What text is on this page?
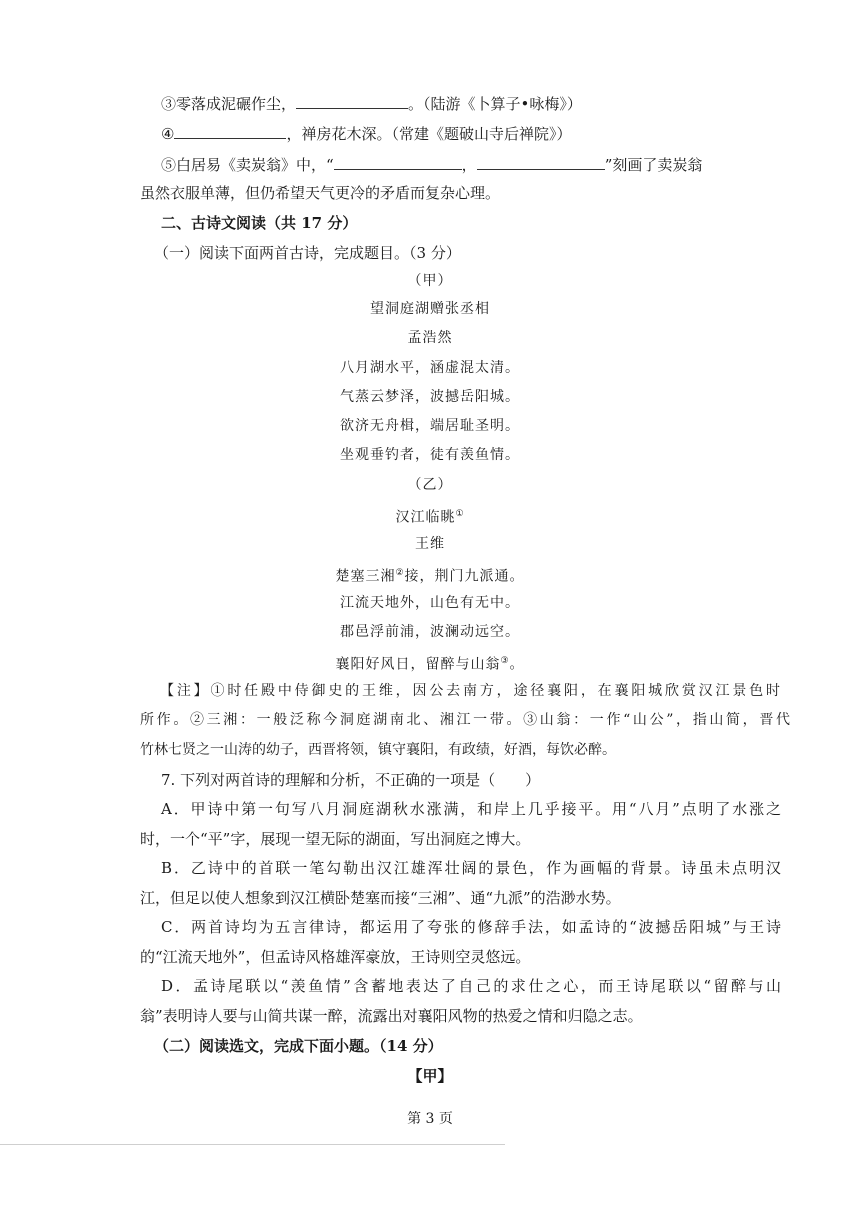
③零落成泥碾作尘，	。（陆游《卜算子•咏梅》）
④	，禅房花木深。（常建《题破山寺后禅院》）
⑤白居易《卖炭翁》中，“	，	”刻画了卖炭翁
虽然衣服单薄，但仍希望天气更冷的矛盾而复杂心理。
二、古诗文阅读（共 17 分）
（一）阅读下面两首古诗，完成题目。（3 分）
（甲）
望洞庭湖赠张丞相
孟浩然
八月湖水平，涵虚混太清。
气蒸云梦泽，波撼岳阳城。
欲济无舟楫，端居耻圣明。
坐观垂钓者，徒有羡鱼情。
（乙）
汉江临眺①
王维
楚塞三湘②接，荆门九派通。
江流天地外，山色有无中。
郡邑浮前浦，波澜动远空。
襄阳好风日，留醉与山翁③。
【注】①时任殿中侍御史的王维，因公去南方，途径襄阳，在襄阳城欣赏汉江景色时
所作。②三湘：一般泛称今洞庭湖南北、湘江一带。③山翁：一作“山公”，指山简，晋代
竹林七贤之一山涛的幼子，西晋将领，镇守襄阳，有政绩，好酒，每饮必醉。
7. 下列对两首诗的理解和分析，不正确的一项是（　　）
A．甲诗中第一句写八月洞庭湖秋水涨满，和岸上几乎接平。用“八月”点明了水涨之
时，一个“平”字，展现一望无际的湖面，写出洞庭之博大。
B．乙诗中的首联一笔勾勒出汉江雄浑壮阔的景色，作为画幅的背景。诗虽未点明汉
江，但足以使人想象到汉江横卧楚塞而接“三湘”、通“九派”的浩渺水势。
C．两首诗均为五言律诗，都运用了夸张的修辞手法，如孟诗的“波撼岳阳城”与王诗
的“江流天地外”，但孟诗风格雄浑豪放，王诗则空灵悠远。
D．孟诗尾联以“羡鱼情”含蓄地表达了自己的求仕之心，而王诗尾联以“留醉与山
翁”表明诗人要与山简共谋一醉，流露出对襄阳风物的热爱之情和归隐之志。
（二）阅读选文，完成下面小题。（14 分）
【甲】
第 3 页
